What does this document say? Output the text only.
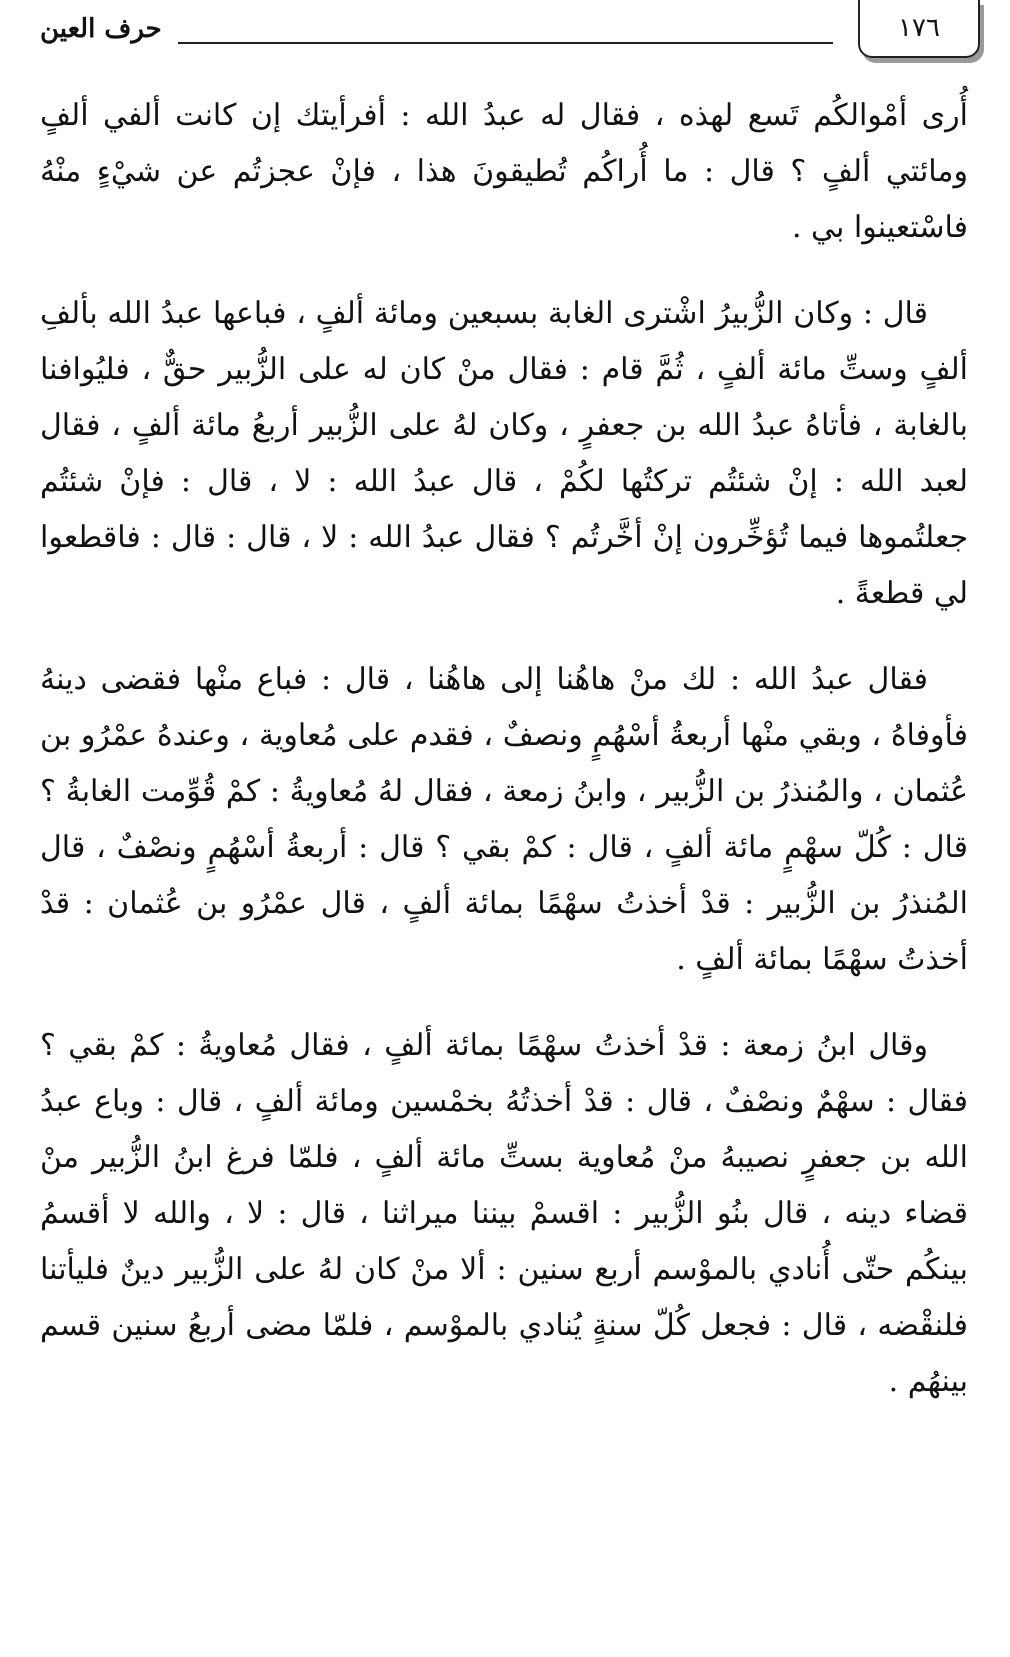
١٧٦
حرف العين

أُرى أمْوالكُم تَسع لهذه ، فقال له عبدُ الله : أفرأيتك إن كانت ألفي ألفٍ ومائتي ألفٍ ؟ قال : ما أُراكُم تُطيقونَ هذا ، فإنْ عجزتُم عن شيْءٍ منْهُ فاسْتعينوا بي .

قال : وكان الزُّبيرُ اشْترى الغابة بسبعين ومائة ألفٍ ، فباعها عبدُ الله بألفِ ألفٍ وستِّ مائة ألفٍ ، ثُمَّ قام : فقال منْ كان له على الزُّبير حقٌّ ، فليُوافنا بالغابة ، فأتاهُ عبدُ الله بن جعفرٍ ، وكان لهُ على الزُّبير أربعُ مائة ألفٍ ، فقال لعبد الله : إنْ شئتُم تركتُها لكُمْ ، قال عبدُ الله : لا ، قال : فإنْ شئتُم جعلتُموها فيما تُؤخِّرون إنْ أخَّرتُم ؟ فقال عبدُ الله : لا ، قال : قال : فاقطعوا لي قطعةً .

فقال عبدُ الله : لك منْ هاهُنا إلى هاهُنا ، قال : فباع منْها فقضى دينهُ فأوفاهُ ، وبقي منْها أربعةُ أسْهُمٍ ونصفٌ ، فقدم على مُعاوية ، وعندهُ عمْرُو بن عُثمان ، والمُنذرُ بن الزُّبير ، وابنُ زمعة ، فقال لهُ مُعاويةُ : كمْ قُوِّمت الغابةُ ؟ قال : كُلّ سهْمٍ مائة ألفٍ ، قال : كمْ بقي ؟ قال : أربعةُ أسْهُمٍ ونصْفٌ ، قال المُنذرُ بن الزُّبير : قدْ أخذتُ سهْمًا بمائة ألفٍ ، قال عمْرُو بن عُثمان : قدْ أخذتُ سهْمًا بمائة ألفٍ .

وقال ابنُ زمعة : قدْ أخذتُ سهْمًا بمائة ألفٍ ، فقال مُعاويةُ : كمْ بقي ؟ فقال : سهْمٌ ونصْفٌ ، قال : قدْ أخذتُهُ بخمْسين ومائة ألفٍ ، قال : وباع عبدُ الله بن جعفرٍ نصيبهُ منْ مُعاوية بستِّ مائة ألفٍ ، فلمّا فرغ ابنُ الزُّبير منْ قضاء دينه ، قال بنُو الزُّبير : اقسمْ بيننا ميراثنا ، قال : لا ، والله لا أقسمُ بينكُم حتّى أُنادي بالموْسم أربع سنين : ألا منْ كان لهُ على الزُّبير دينٌ فليأتنا فلنقْضه ، قال : فجعل كُلّ سنةٍ يُنادي بالموْسم ، فلمّا مضى أربعُ سنين قسم بينهُم .
